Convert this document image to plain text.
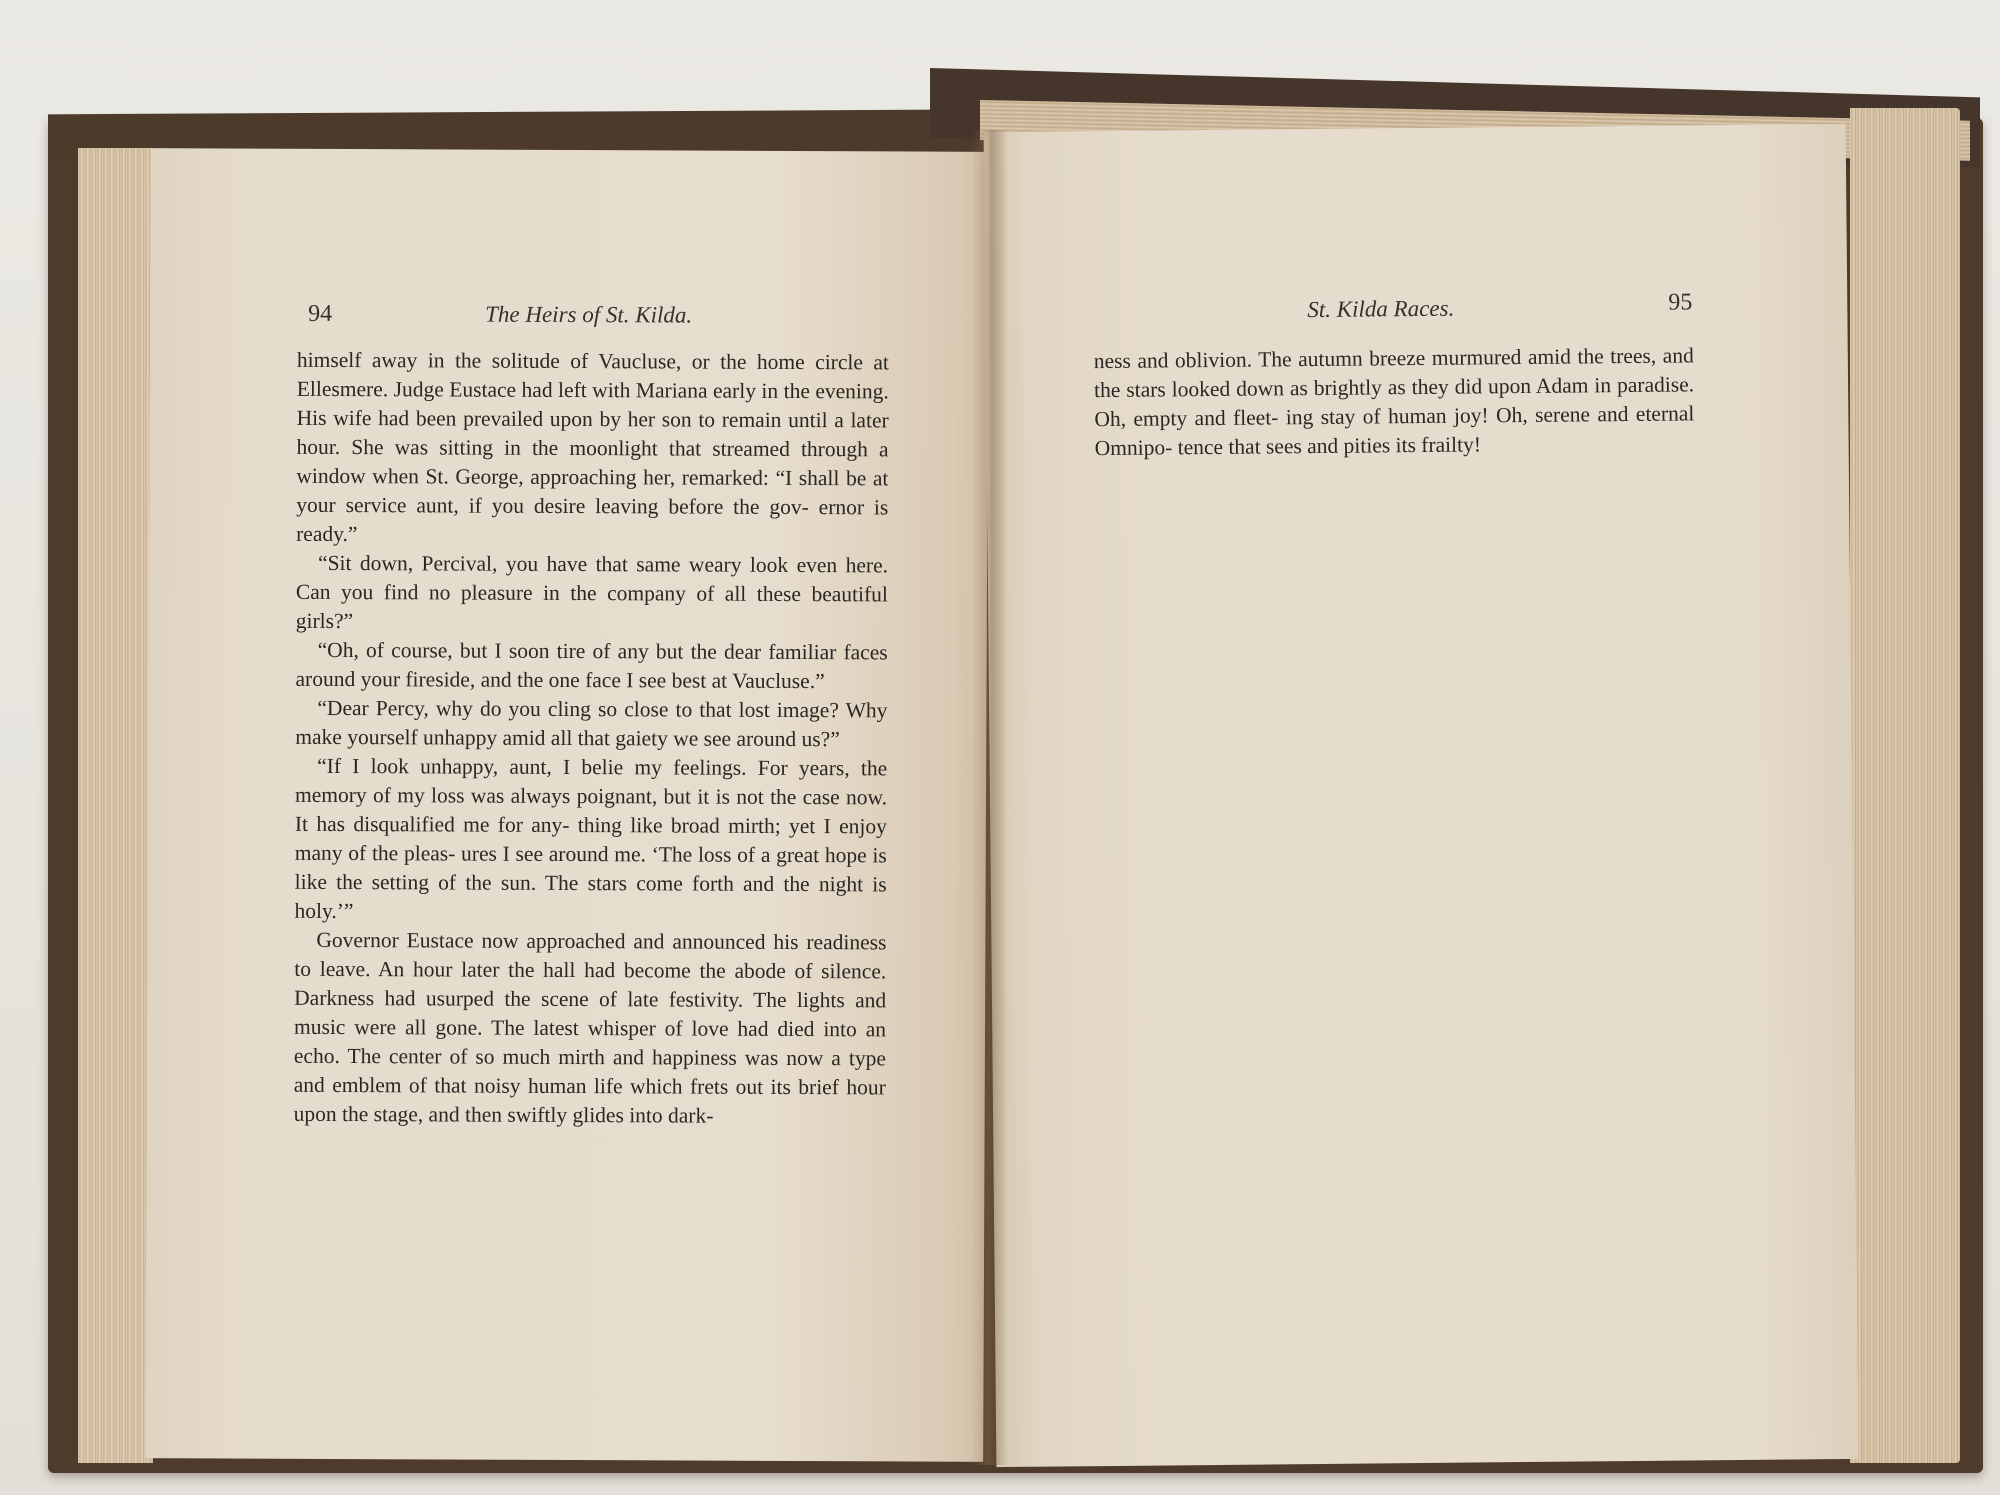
94	The Heirs of St. Kilda.

himself away in the solitude of Vaucluse, or the home circle at Ellesmere. Judge Eustace had left with Mariana early in the evening. His wife had been prevailed upon by her son to remain until a later hour. She was sitting in the moonlight that streamed through a window when St. George, approaching her, remarked: “I shall be at your service aunt, if you desire leaving before the gov- ernor is ready.”

“Sit down, Percival, you have that same weary look even here. Can you find no pleasure in the company of all these beautiful girls?”

“Oh, of course, but I soon tire of any but the dear familiar faces around your fireside, and the one face I see best at Vaucluse.”

“Dear Percy, why do you cling so close to that lost image? Why make yourself unhappy amid all that gaiety we see around us?”

“If I look unhappy, aunt, I belie my feelings. For years, the memory of my loss was always poignant, but it is not the case now. It has disqualified me for any- thing like broad mirth; yet I enjoy many of the pleas- ures I see around me. ‘The loss of a great hope is like the setting of the sun. The stars come forth and the night is holy.’”

Governor Eustace now approached and announced his readiness to leave. An hour later the hall had become the abode of silence. Darkness had usurped the scene of late festivity. The lights and music were all gone. The latest whisper of love had died into an echo. The center of so much mirth and happiness was now a type and emblem of that noisy human life which frets out its brief hour upon the stage, and then swiftly glides into dark-

St. Kilda Races.	95

ness and oblivion. The autumn breeze murmured amid the trees, and the stars looked down as brightly as they did upon Adam in paradise. Oh, empty and fleet- ing stay of human joy! Oh, serene and eternal Omnipo- tence that sees and pities its frailty!
